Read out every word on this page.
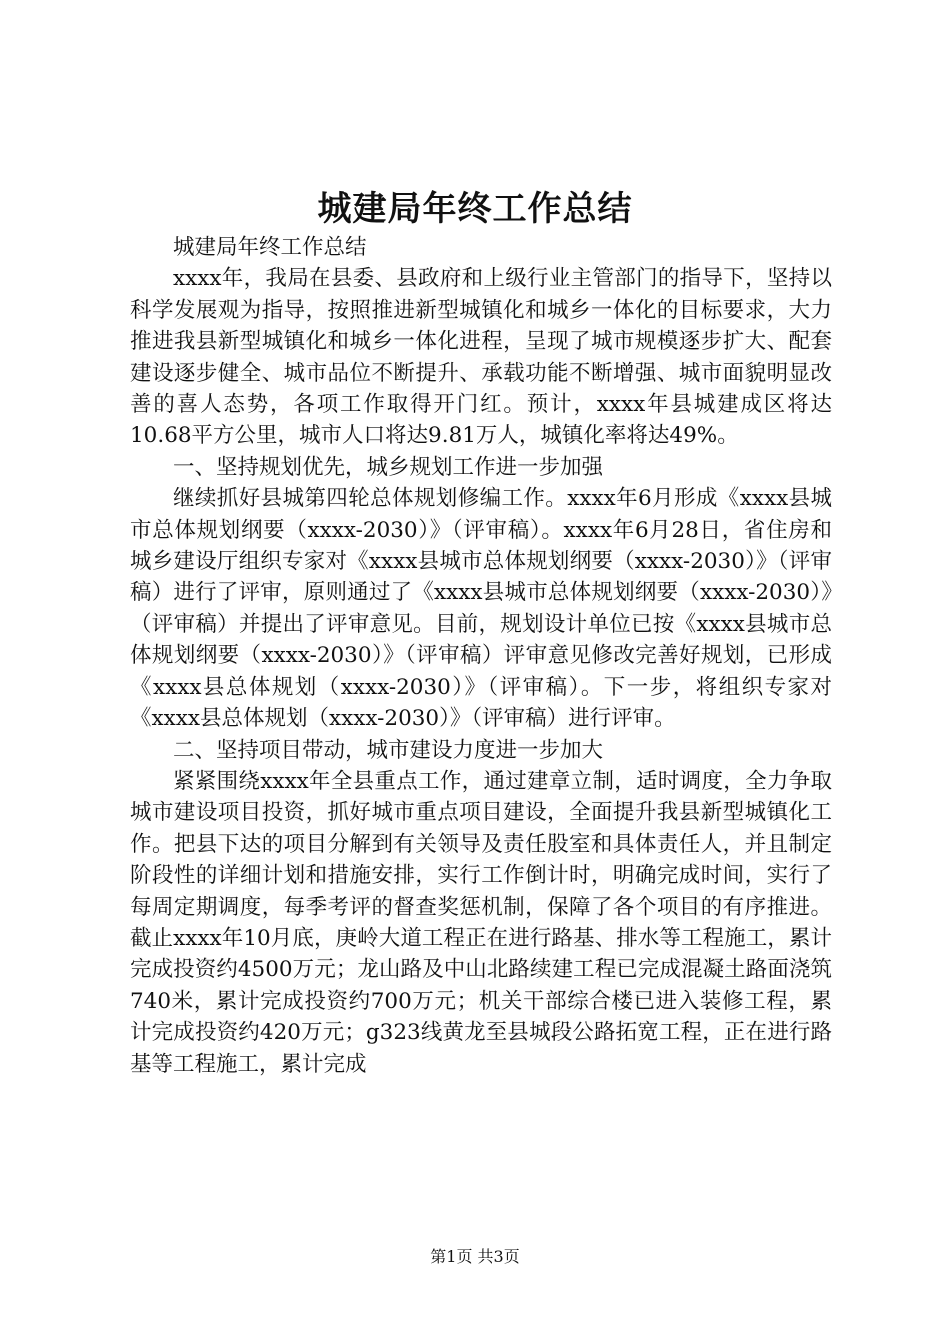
城建局年终工作总结

城建局年终工作总结

xxxx年，我局在县委、县政府和上级行业主管部门的指导下，坚持以科学发展观为指导，按照推进新型城镇化和城乡一体化的目标要求，大力推进我县新型城镇化和城乡一体化进程，呈现了城市规模逐步扩大、配套建设逐步健全、城市品位不断提升、承载功能不断增强、城市面貌明显改善的喜人态势，各项工作取得开门红。预计，xxxx年县城建成区将达10.68平方公里，城市人口将达9.81万人，城镇化率将达49%。

一、坚持规划优先，城乡规划工作进一步加强

继续抓好县城第四轮总体规划修编工作。xxxx年6月形成《xxxx县城市总体规划纲要（xxxx-2030）》（评审稿）。xxxx年6月28日，省住房和城乡建设厅组织专家对《xxxx县城市总体规划纲要（xxxx-2030）》（评审稿）进行了评审，原则通过了《xxxx县城市总体规划纲要（xxxx-2030）》（评审稿）并提出了评审意见。目前，规划设计单位已按《xxxx县城市总体规划纲要（xxxx-2030）》（评审稿）评审意见修改完善好规划，已形成《xxxx县总体规划（xxxx-2030）》（评审稿）。下一步，将组织专家对《xxxx县总体规划（xxxx-2030）》（评审稿）进行评审。

二、坚持项目带动，城市建设力度进一步加大

紧紧围绕xxxx年全县重点工作，通过建章立制，适时调度，全力争取城市建设项目投资，抓好城市重点项目建设，全面提升我县新型城镇化工作。把县下达的项目分解到有关领导及责任股室和具体责任人，并且制定阶段性的详细计划和措施安排，实行工作倒计时，明确完成时间，实行了每周定期调度，每季考评的督查奖惩机制，保障了各个项目的有序推进。截止xxxx年10月底，庚岭大道工程正在进行路基、排水等工程施工，累计完成投资约4500万元；龙山路及中山北路续建工程已完成混凝土路面浇筑740米，累计完成投资约700万元；机关干部综合楼已进入装修工程，累计完成投资约420万元；g323线黄龙至县城段公路拓宽工程，正在进行路基等工程施工，累计完成

第1页 共3页
